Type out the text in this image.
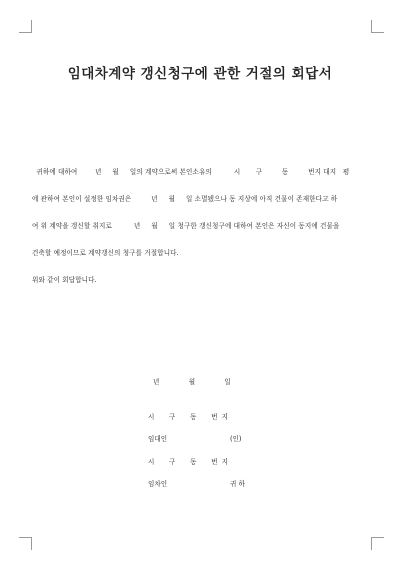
임대차계약 갱신청구에 관한 거절의 회답서
귀하에 대하여        년     월     일의 계약으로써 본인소유의          시       구         동         번지 대지   평
에 관하여 본인이 설정한 임차권은         년     월     일 소멸됐으나 동 지상에 아직 건물이 존재한다고 하
여 위 계약을 갱신할 취지로          년     월     일 청구한 갱신청구에 대하여 본인은 자신이 동지에 건물을
건축할 예정이므로 계약갱신의 청구를 거절합니다.
위와 같이 회답합니다.
년              월              일
시       구       동       번  지
임대인                              (인)
시       구       동       번  지
임차인                              귀 하
